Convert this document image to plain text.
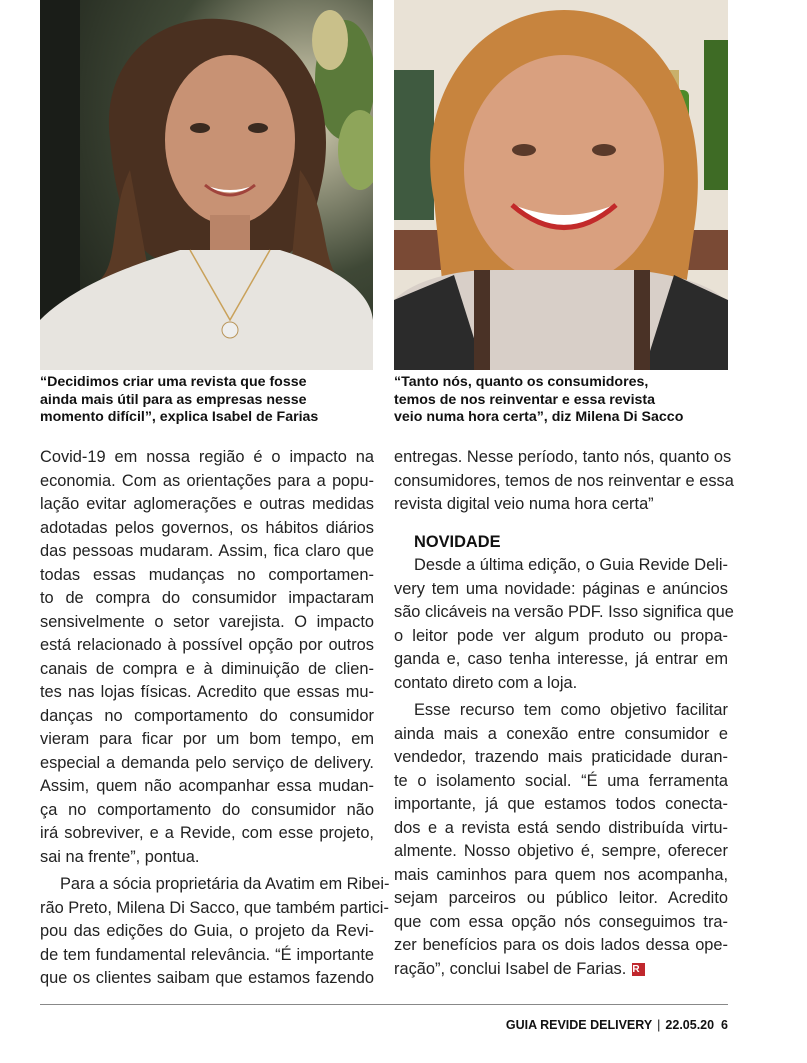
“Decidimos criar uma revista que fosse
ainda mais útil para as empresas nesse
momento difícil”, explica Isabel de Farias
“Tanto nós, quanto os consumidores,
temos de nos reinventar e essa revista
veio numa hora certa”, diz Milena Di Sacco
Covid-19 em nossa região é o impacto na
economia. Com as orientações para a popu-
lação evitar aglomerações e outras medidas
adotadas pelos governos, os hábitos diários
das pessoas mudaram. Assim, fica claro que
todas essas mudanças no comportamen-
to de compra do consumidor impactaram
sensivelmente o setor varejista. O impacto
está relacionado à possível opção por outros
canais de compra e à diminuição de clien-
tes nas lojas físicas. Acredito que essas mu-
danças no comportamento do consumidor
vieram para ficar por um bom tempo, em
especial a demanda pelo serviço de delivery.
Assim, quem não acompanhar essa mudan-
ça no comportamento do consumidor não
irá sobreviver, e a Revide, com esse projeto,
sai na frente”, pontua.
Para a sócia proprietária da Avatim em Ribei-
rão Preto, Milena Di Sacco, que também partici-
pou das edições do Guia, o projeto da Revi-
de tem fundamental relevância. “É importante
que os clientes saibam que estamos fazendo
entregas. Nesse período, tanto nós, quanto os
consumidores, temos de nos reinventar e essa
revista digital veio numa hora certa”
NOVIDADE
Desde a última edição, o Guia Revide Deli-
very tem uma novidade: páginas e anúncios
são clicáveis na versão PDF. Isso significa que
o leitor pode ver algum produto ou propa-
ganda e, caso tenha interesse, já entrar em
contato direto com a loja.
Esse recurso tem como objetivo facilitar
ainda mais a conexão entre consumidor e
vendedor, trazendo mais praticidade duran-
te o isolamento social. “É uma ferramenta
importante, já que estamos todos conecta-
dos e a revista está sendo distribuída virtu-
almente. Nosso objetivo é, sempre, oferecer
mais caminhos para quem nos acompanha,
sejam parceiros ou público leitor. Acredito
que com essa opção nós conseguimos tra-
zer benefícios para os dois lados dessa ope-
ração”, conclui Isabel de Farias. R
GUIA REVIDE DELIVERY | 22.05.20 6
